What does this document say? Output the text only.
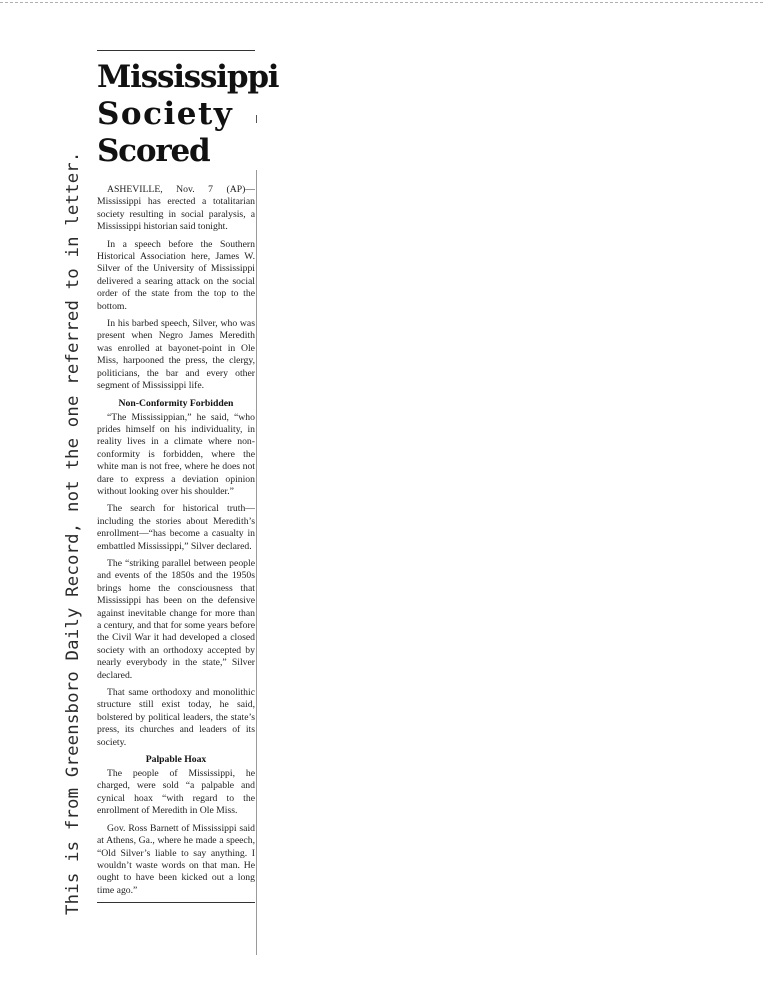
This is from Greensboro Daily Record, not the one referred to in letter.
Mississippi
Society
Scored

ASHEVILLE, Nov. 7 (AP)—Mississippi has erected a totalitarian society resulting in social paralysis, a Mississippi historian said tonight.

In a speech before the Southern Historical Association here, James W. Silver of the University of Mississippi delivered a searing attack on the social order of the state from the top to the bottom.

In his barbed speech, Silver, who was present when Negro James Meredith was enrolled at bayonet-point in Ole Miss, harpooned the press, the clergy, politicians, the bar and every other segment of Mississippi life.

Non-Conformity Forbidden

“The Mississippian,” he said, “who prides himself on his individuality, in reality lives in a climate where non-conformity is forbidden, where the white man is not free, where he does not dare to express a deviation opinion without looking over his shoulder.”

The search for historical truth—including the stories about Meredith’s enrollment—“has become a casualty in embattled Mississippi,” Silver declared.

The “striking parallel between people and events of the 1850s and the 1950s brings home the consciousness that Mississippi has been on the defensive against inevitable change for more than a century, and that for some years before the Civil War it had developed a closed society with an orthodoxy accepted by nearly everybody in the state,” Silver declared.

That same orthodoxy and monolithic structure still exist today, he said, bolstered by political leaders, the state’s press, its churches and leaders of its society.

Palpable Hoax

The people of Mississippi, he charged, were sold “a palpable and cynical hoax “with regard to the enrollment of Meredith in Ole Miss.

Gov. Ross Barnett of Mississippi said at Athens, Ga., where he made a speech, “Old Silver’s liable to say anything. I wouldn’t waste words on that man. He ought to have been kicked out a long time ago.”
